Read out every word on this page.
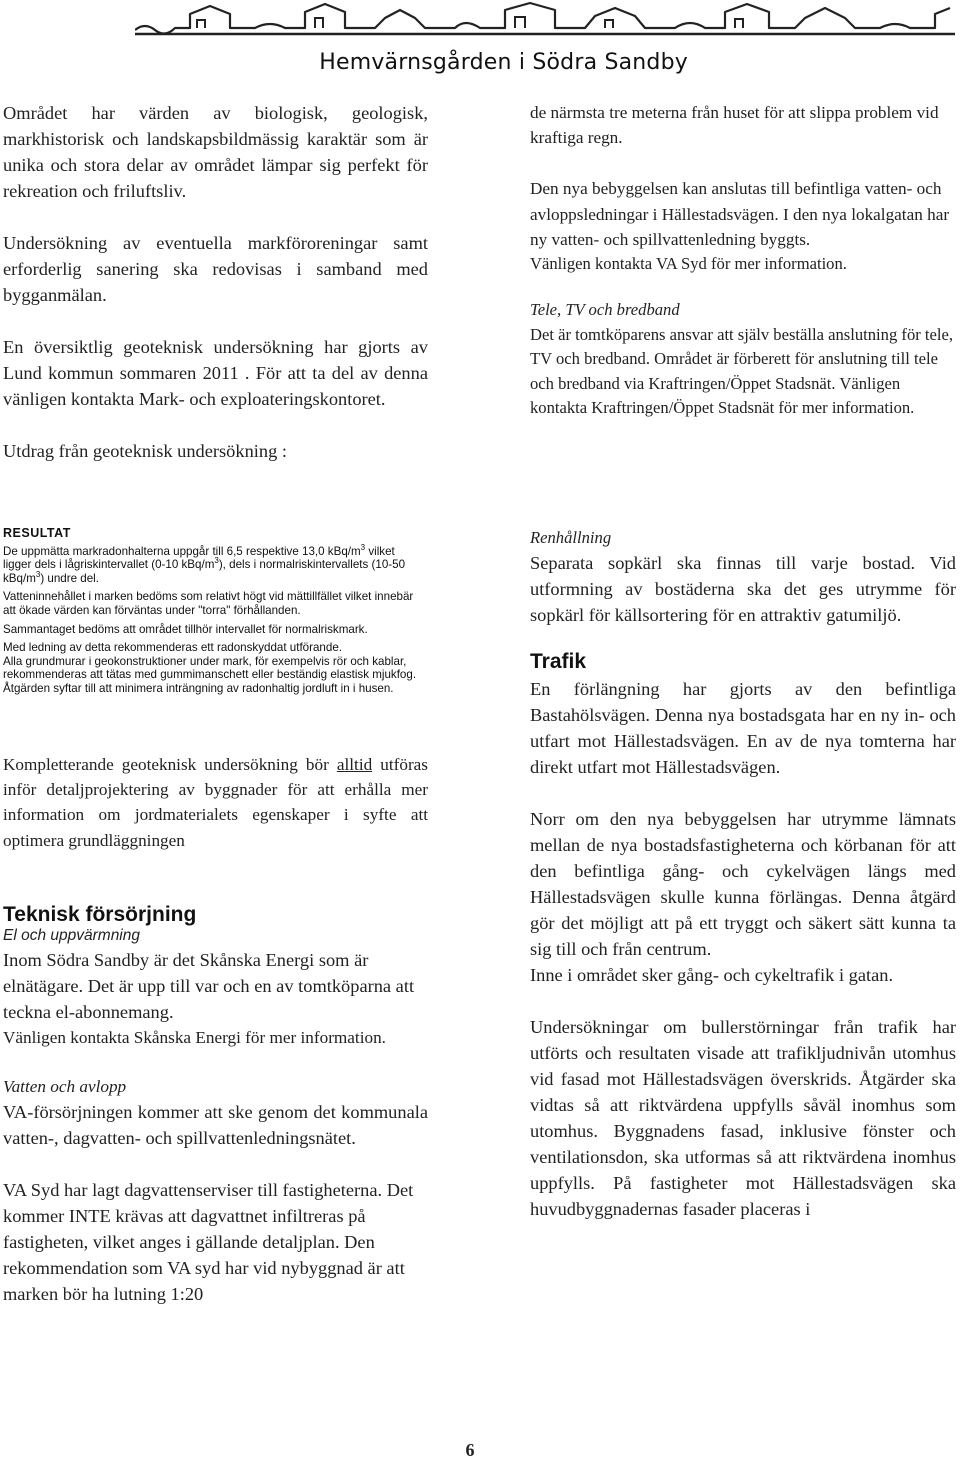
Hemvärnsgården i Södra Sandby

Området har värden av biologisk, geologisk, markhistorisk och landskapsbildmässig karaktär som är unika och stora delar av området lämpar sig perfekt för rekreation och friluftsliv.

Undersökning av eventuella markföroreningar samt erforderlig sanering ska redovisas i samband med bygganmälan.

En översiktlig geoteknisk undersökning har gjorts av Lund kommun sommaren 2011 . För att ta del av denna vänligen kontakta Mark- och exploateringskontoret.

Utdrag från geoteknisk undersökning :

RESULTAT

De uppmätta markradonhalterna uppgår till 6,5 respektive 13,0 kBq/$m^3$ vilket ligger dels i lågriskintervallet (0-10 kBq/$m^3$), dels i normalriskintervallets (10-50 kBq/$m^3$) undre del.

Vatteninnehållet i marken bedöms som relativt högt vid mättillfället vilket innebär att ökade värden kan förväntas under "torra" förhållanden.

Sammantaget bedöms att området tillhör intervallet för normalriskmark.

Med ledning av detta rekommenderas ett radonskyddat utförande.

Alla grundmurar i geokonstruktioner under mark, för exempelvis rör och kablar, rekommenderas att tätas med gummimanschett eller beständig elastisk mjukfog.

Åtgärden syftar till att minimera inträngning av radonhaltig jordluft in i husen.

Kompletterande geoteknisk undersökning bör alltid utföras inför detaljprojektering av byggnader för att erhålla mer information om jordmaterialets egenskaper i syfte att optimera grundläggningen

Teknisk försörjning
El och uppvärmning

Inom Södra Sandby är det Skånska Energi som är elnätägare. Det är upp till var och en av tomtköparna att teckna el-abonnemang.

Vänligen kontakta Skånska Energi för mer information.

Vatten och avlopp

VA-försörjningen kommer att ske genom det kommunala vatten-, dagvatten- och spillvattenledningsnätet.

VA Syd har lagt dagvattenserviser till fastigheterna. Det kommer INTE krävas att dagvattnet infiltreras på fastigheten, vilket anges i gällande detaljplan. Den rekommendation som VA syd har vid nybyggnad är att marken bör ha lutning 1:20

de närmsta tre meterna från huset för att slippa problem vid kraftiga regn.

Den nya bebyggelsen kan anslutas till befintliga vatten- och avloppsledningar i Hällestadsvägen. I den nya lokalgatan har ny vatten- och spillvattenledning byggts.

Vänligen kontakta VA Syd för mer information.

Tele, TV och bredband

Det är tomtköparens ansvar att själv beställa anslutning för tele, TV och bredband. Området är förberett för anslutning till tele och bredband via Kraftringen/Öppet Stadsnät. Vänligen kontakta Kraftringen/Öppet Stadsnät för mer information.

Renhållning

Separata sopkärl ska finnas till varje bostad. Vid utformning av bostäderna ska det ges utrymme för sopkärl för källsortering för en attraktiv gatumiljö.

Trafik

En förlängning har gjorts av den befintliga Bastahölsvägen. Denna nya bostadsgata har en ny in- och utfart mot Hällestadsvägen. En av de nya tomterna har direkt utfart mot Hällestadsvägen.

Norr om den nya bebyggelsen har utrymme lämnats mellan de nya bostadsfastigheterna och körbanan för att den befintliga gång- och cykelvägen längs med Hällestadsvägen skulle kunna förlängas. Denna åtgärd gör det möjligt att på ett tryggt och säkert sätt kunna ta sig till och från centrum.

Inne i området sker gång- och cykeltrafik i gatan.

Undersökningar om bullerstörningar från trafik har utförts och resultaten visade att trafikljudnivån utomhus vid fasad mot Hällestadsvägen överskrids. Åtgärder ska vidtas så att riktvärdena uppfylls såväl inomhus som utomhus. Byggnadens fasad, inklusive fönster och ventilationsdon, ska utformas så att riktvärdena inomhus uppfylls. På fastigheter mot Hällestadsvägen ska huvudbyggnadernas fasader placeras i

6
